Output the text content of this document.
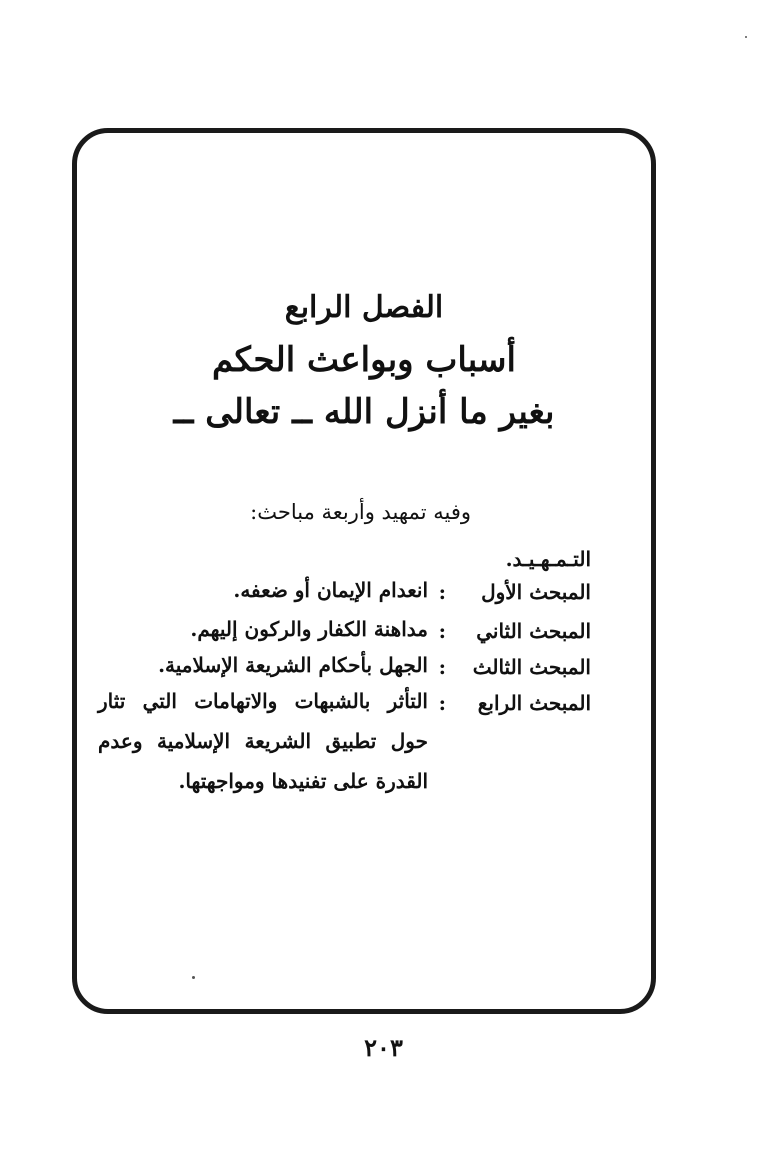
الفصل الرابع
أسباب وبواعث الحكم
بغير ما أنزل الله ــ تعالى ــ
وفيه تمهيد وأربعة مباحث:
التـمـهـيـد.
المبحث الأول
:
انعدام الإيمان أو ضعفه.
المبحث الثاني
:
مداهنة الكفار والركون إليهم.
المبحث الثالث
:
الجهل بأحكام الشريعة الإسلامية.
المبحث الرابع
:
التأثر بالشبهات والاتهامات التي تثار حول تطبيق الشريعة الإسلامية وعدم القدرة على تفنيدها ومواجهتها.
٢٠٣
